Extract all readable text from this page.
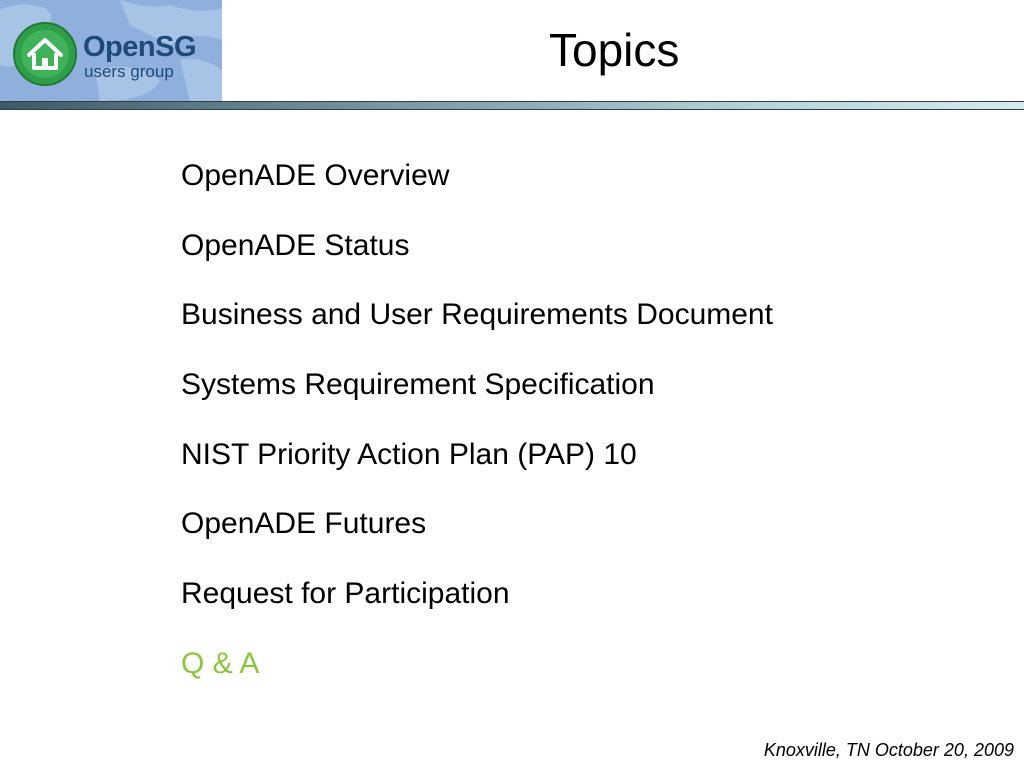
OpenSG
users group	Topics
OpenADE Overview
OpenADE Status
Business and User Requirements Document
Systems Requirement Specification
NIST Priority Action Plan (PAP) 10
OpenADE Futures
Request for Participation
Q & A
Knoxville, TN October 20, 2009
